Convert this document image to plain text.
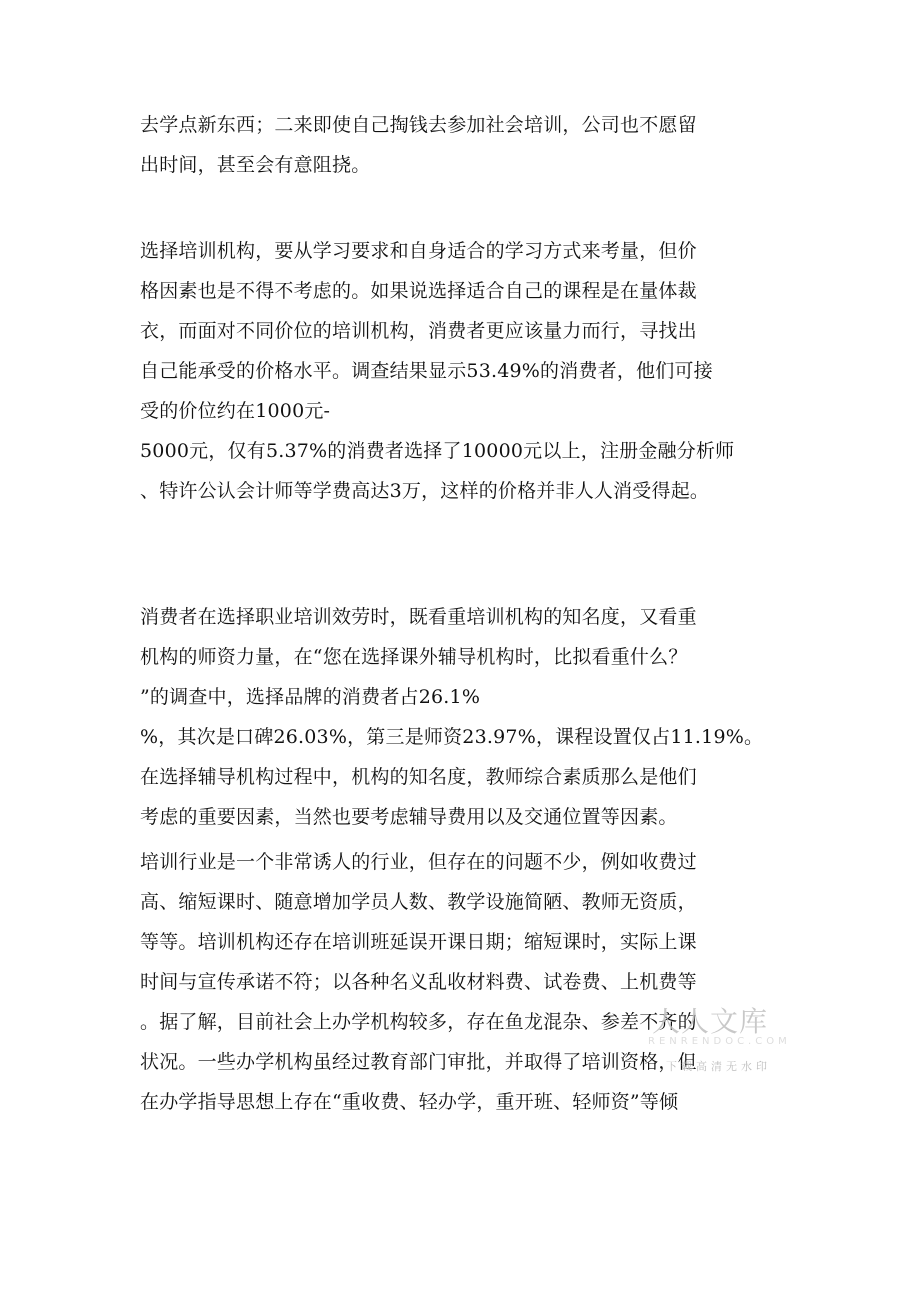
去学点新东西；二来即使自己掏钱去参加社会培训，公司也不愿留
出时间，甚至会有意阻挠。
选择培训机构，要从学习要求和自身适合的学习方式来考量，但价
格因素也是不得不考虑的。如果说选择适合自己的课程是在量体裁
衣，而面对不同价位的培训机构，消费者更应该量力而行，寻找出
自己能承受的价格水平。调查结果显示53.49%的消费者，他们可接
受的价位约在1000元-
5000元，仅有5.37%的消费者选择了10000元以上，注册金融分析师
、特许公认会计师等学费高达3万，这样的价格并非人人消受得起。
消费者在选择职业培训效劳时，既看重培训机构的知名度，又看重
机构的师资力量，在“您在选择课外辅导机构时，比拟看重什么？
”的调查中，选择品牌的消费者占26.1%
%，其次是口碑26.03%，第三是师资23.97%，课程设置仅占11.19%。
在选择辅导机构过程中，机构的知名度，教师综合素质那么是他们
考虑的重要因素，当然也要考虑辅导费用以及交通位置等因素。
培训行业是一个非常诱人的行业，但存在的问题不少，例如收费过
高、缩短课时、随意增加学员人数、教学设施简陋、教师无资质，
等等。培训机构还存在培训班延误开课日期；缩短课时，实际上课
时间与宣传承诺不符；以各种名义乱收材料费、试卷费、上机费等
。据了解，目前社会上办学机构较多，存在鱼龙混杂、参差不齐的
状况。一些办学机构虽经过教育部门审批，并取得了培训资格，但
在办学指导思想上存在“重收费、轻办学，重开班、轻师资”等倾
人人文库
RENRENDOC.COM
下载高清无水印
